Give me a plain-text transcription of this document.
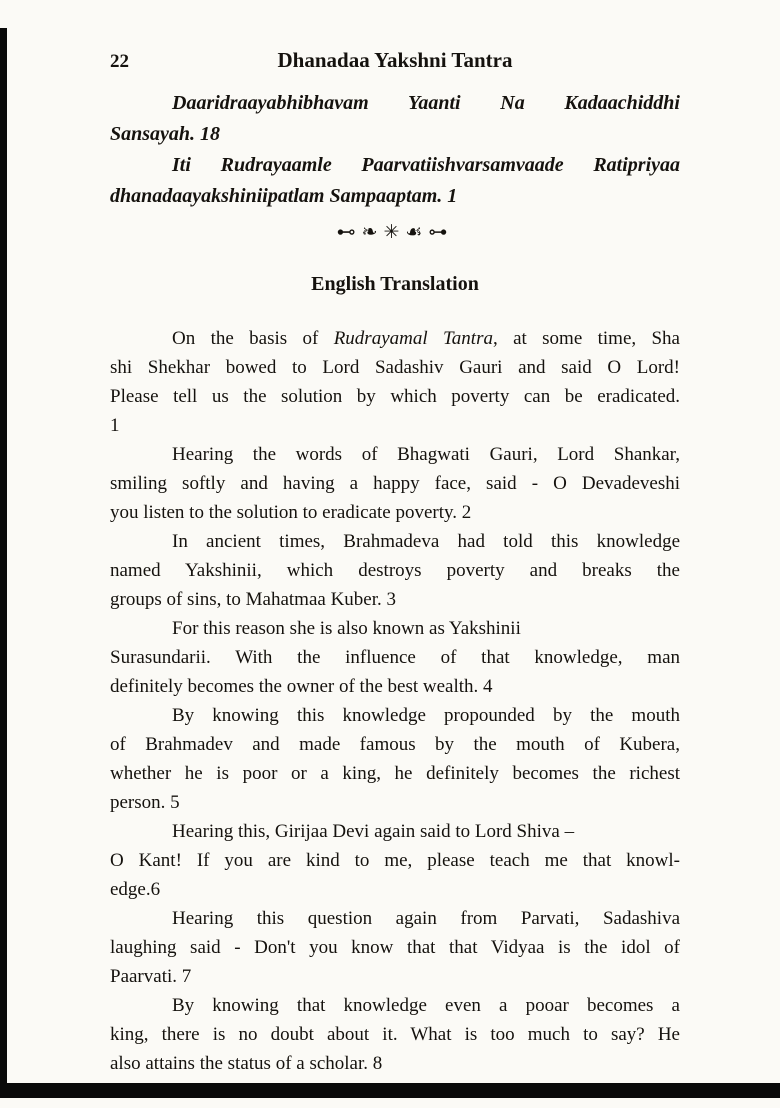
22	Dhanadaa Yakshni Tantra
Daaridraayabhibhavam Yaanti Na Kadaachiddhi
Sansayah. 18
Iti Rudrayaamle Paarvatiishvarsamvaade Ratipriyaa
dhanadaayakshiniipatlam Sampaaptam. 1
⊷❧✳☙⊶
English Translation
On the basis of Rudrayamal Tantra, at some time, Sha
shi Shekhar bowed to Lord Sadashiv Gauri and said O Lord!
Please tell us the solution by which poverty can be eradicated.
1
Hearing the words of Bhagwati Gauri, Lord Shankar,
smiling softly and having a happy face, said - O Devadeveshi
you listen to the solution to eradicate poverty. 2
In ancient times, Brahmadeva had told this knowledge
named Yakshinii, which destroys poverty and breaks the
groups of sins, to Mahatmaa Kuber. 3
For this reason she is also known as Yakshinii
Surasundarii. With the influence of that knowledge, man
definitely becomes the owner of the best wealth. 4
By knowing this knowledge propounded by the mouth
of Brahmadev and made famous by the mouth of Kubera,
whether he is poor or a king, he definitely becomes the richest
person. 5
Hearing this, Girijaa Devi again said to Lord Shiva –
O Kant! If you are kind to me, please teach me that knowl-
edge.6
Hearing this question again from Parvati, Sadashiva
laughing said - Don't you know that that Vidyaa is the idol of
Paarvati. 7
By knowing that knowledge even a pooar becomes a
king, there is no doubt about it. What is too much to say? He
also attains the status of a scholar. 8
